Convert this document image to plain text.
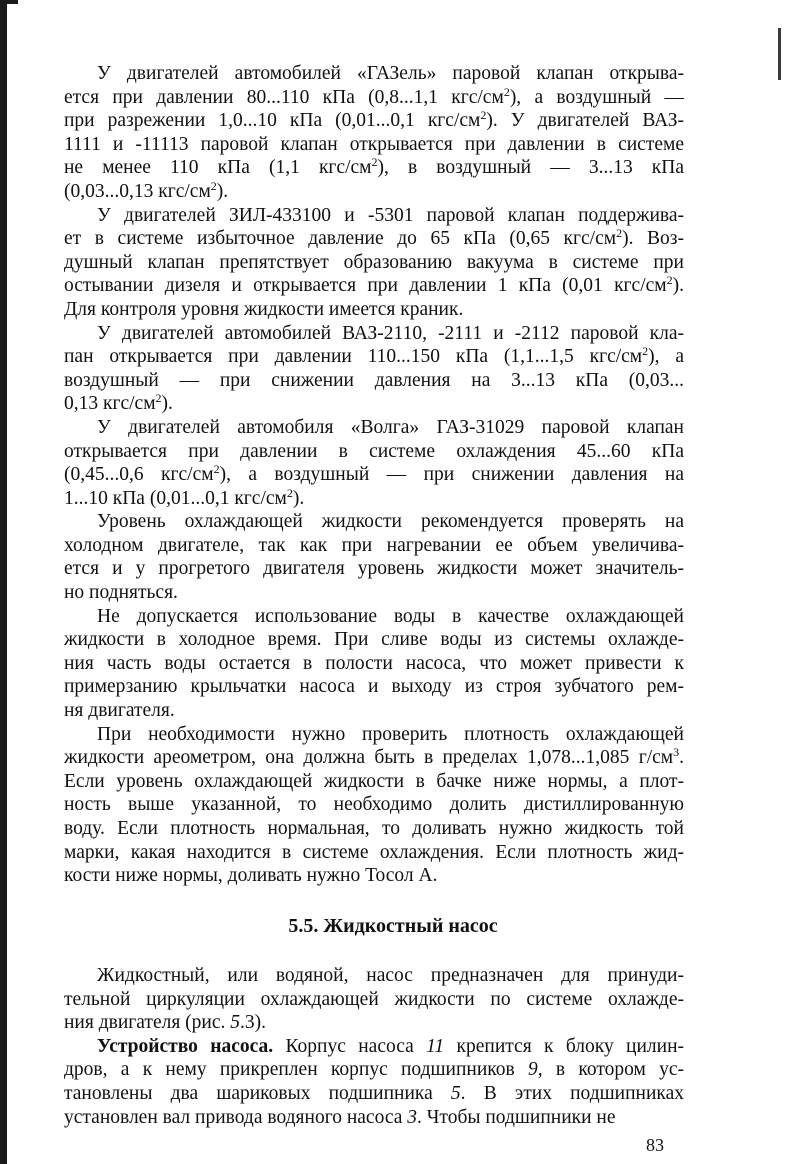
У двигателей автомобилей «ГАЗель» паровой клапан открыва-
ется при давлении 80...110 кПа (0,8...1,1 кгс/$см^2$), а воздушный —
при разрежении 1,0...10 кПа (0,01...0,1 кгс/$см^2$). У двигателей ВАЗ-
1111 и -11113 паровой клапан открывается при давлении в системе
не менее 110 кПа (1,1 кгс/$см^2$), в воздушный — 3...13 кПа
(0,03...0,13 кгс/$см^2$).

У двигателей ЗИЛ-433100 и -5301 паровой клапан поддержива-
ет в системе избыточное давление до 65 кПа (0,65 кгс/$см^2$). Воз-
душный клапан препятствует образованию вакуума в системе при
остывании дизеля и открывается при давлении 1 кПа (0,01 кгс/$см^2$).
Для контроля уровня жидкости имеется краник.

У двигателей автомобилей ВАЗ-2110, -2111 и -2112 паровой кла-
пан открывается при давлении 110...150 кПа (1,1...1,5 кгс/$см^2$), а
воздушный — при снижении давления на 3...13 кПа (0,03...
0,13 кгс/$см^2$).

У двигателей автомобиля «Волга» ГАЗ-31029 паровой клапан
открывается при давлении в системе охлаждения 45...60 кПа
(0,45...0,6 кгс/$см^2$), а воздушный — при снижении давления на
1...10 кПа (0,01...0,1 кгс/$см^2$).

Уровень охлаждающей жидкости рекомендуется проверять на
холодном двигателе, так как при нагревании ее объем увеличива-
ется и у прогретого двигателя уровень жидкости может значитель-
но подняться.

Не допускается использование воды в качестве охлаждающей
жидкости в холодное время. При сливе воды из системы охлажде-
ния часть воды остается в полости насоса, что может привести к
примерзанию крыльчатки насоса и выходу из строя зубчатого рем-
ня двигателя.

При необходимости нужно проверить плотность охлаждающей
жидкости ареометром, она должна быть в пределах 1,078...1,085 $г/см^3$.
Если уровень охлаждающей жидкости в бачке ниже нормы, а плот-
ность выше указанной, то необходимо долить дистиллированную
воду. Если плотность нормальная, то доливать нужно жидкость той
марки, какая находится в системе охлаждения. Если плотность жид-
кости ниже нормы, доливать нужно Тосол А.

5.5. Жидкостный насос

Жидкостный, или водяной, насос предназначен для принуди-
тельной циркуляции охлаждающей жидкости по системе охлажде-
ния двигателя (рис. 5.3).

Устройство насоса. Корпус насоса 11 крепится к блоку цилин-
дров, а к нему прикреплен корпус подшипников 9, в котором ус-
тановлены два шариковых подшипника 5. В этих подшипниках
установлен вал привода водяного насоса 3. Чтобы подшипники не

83
